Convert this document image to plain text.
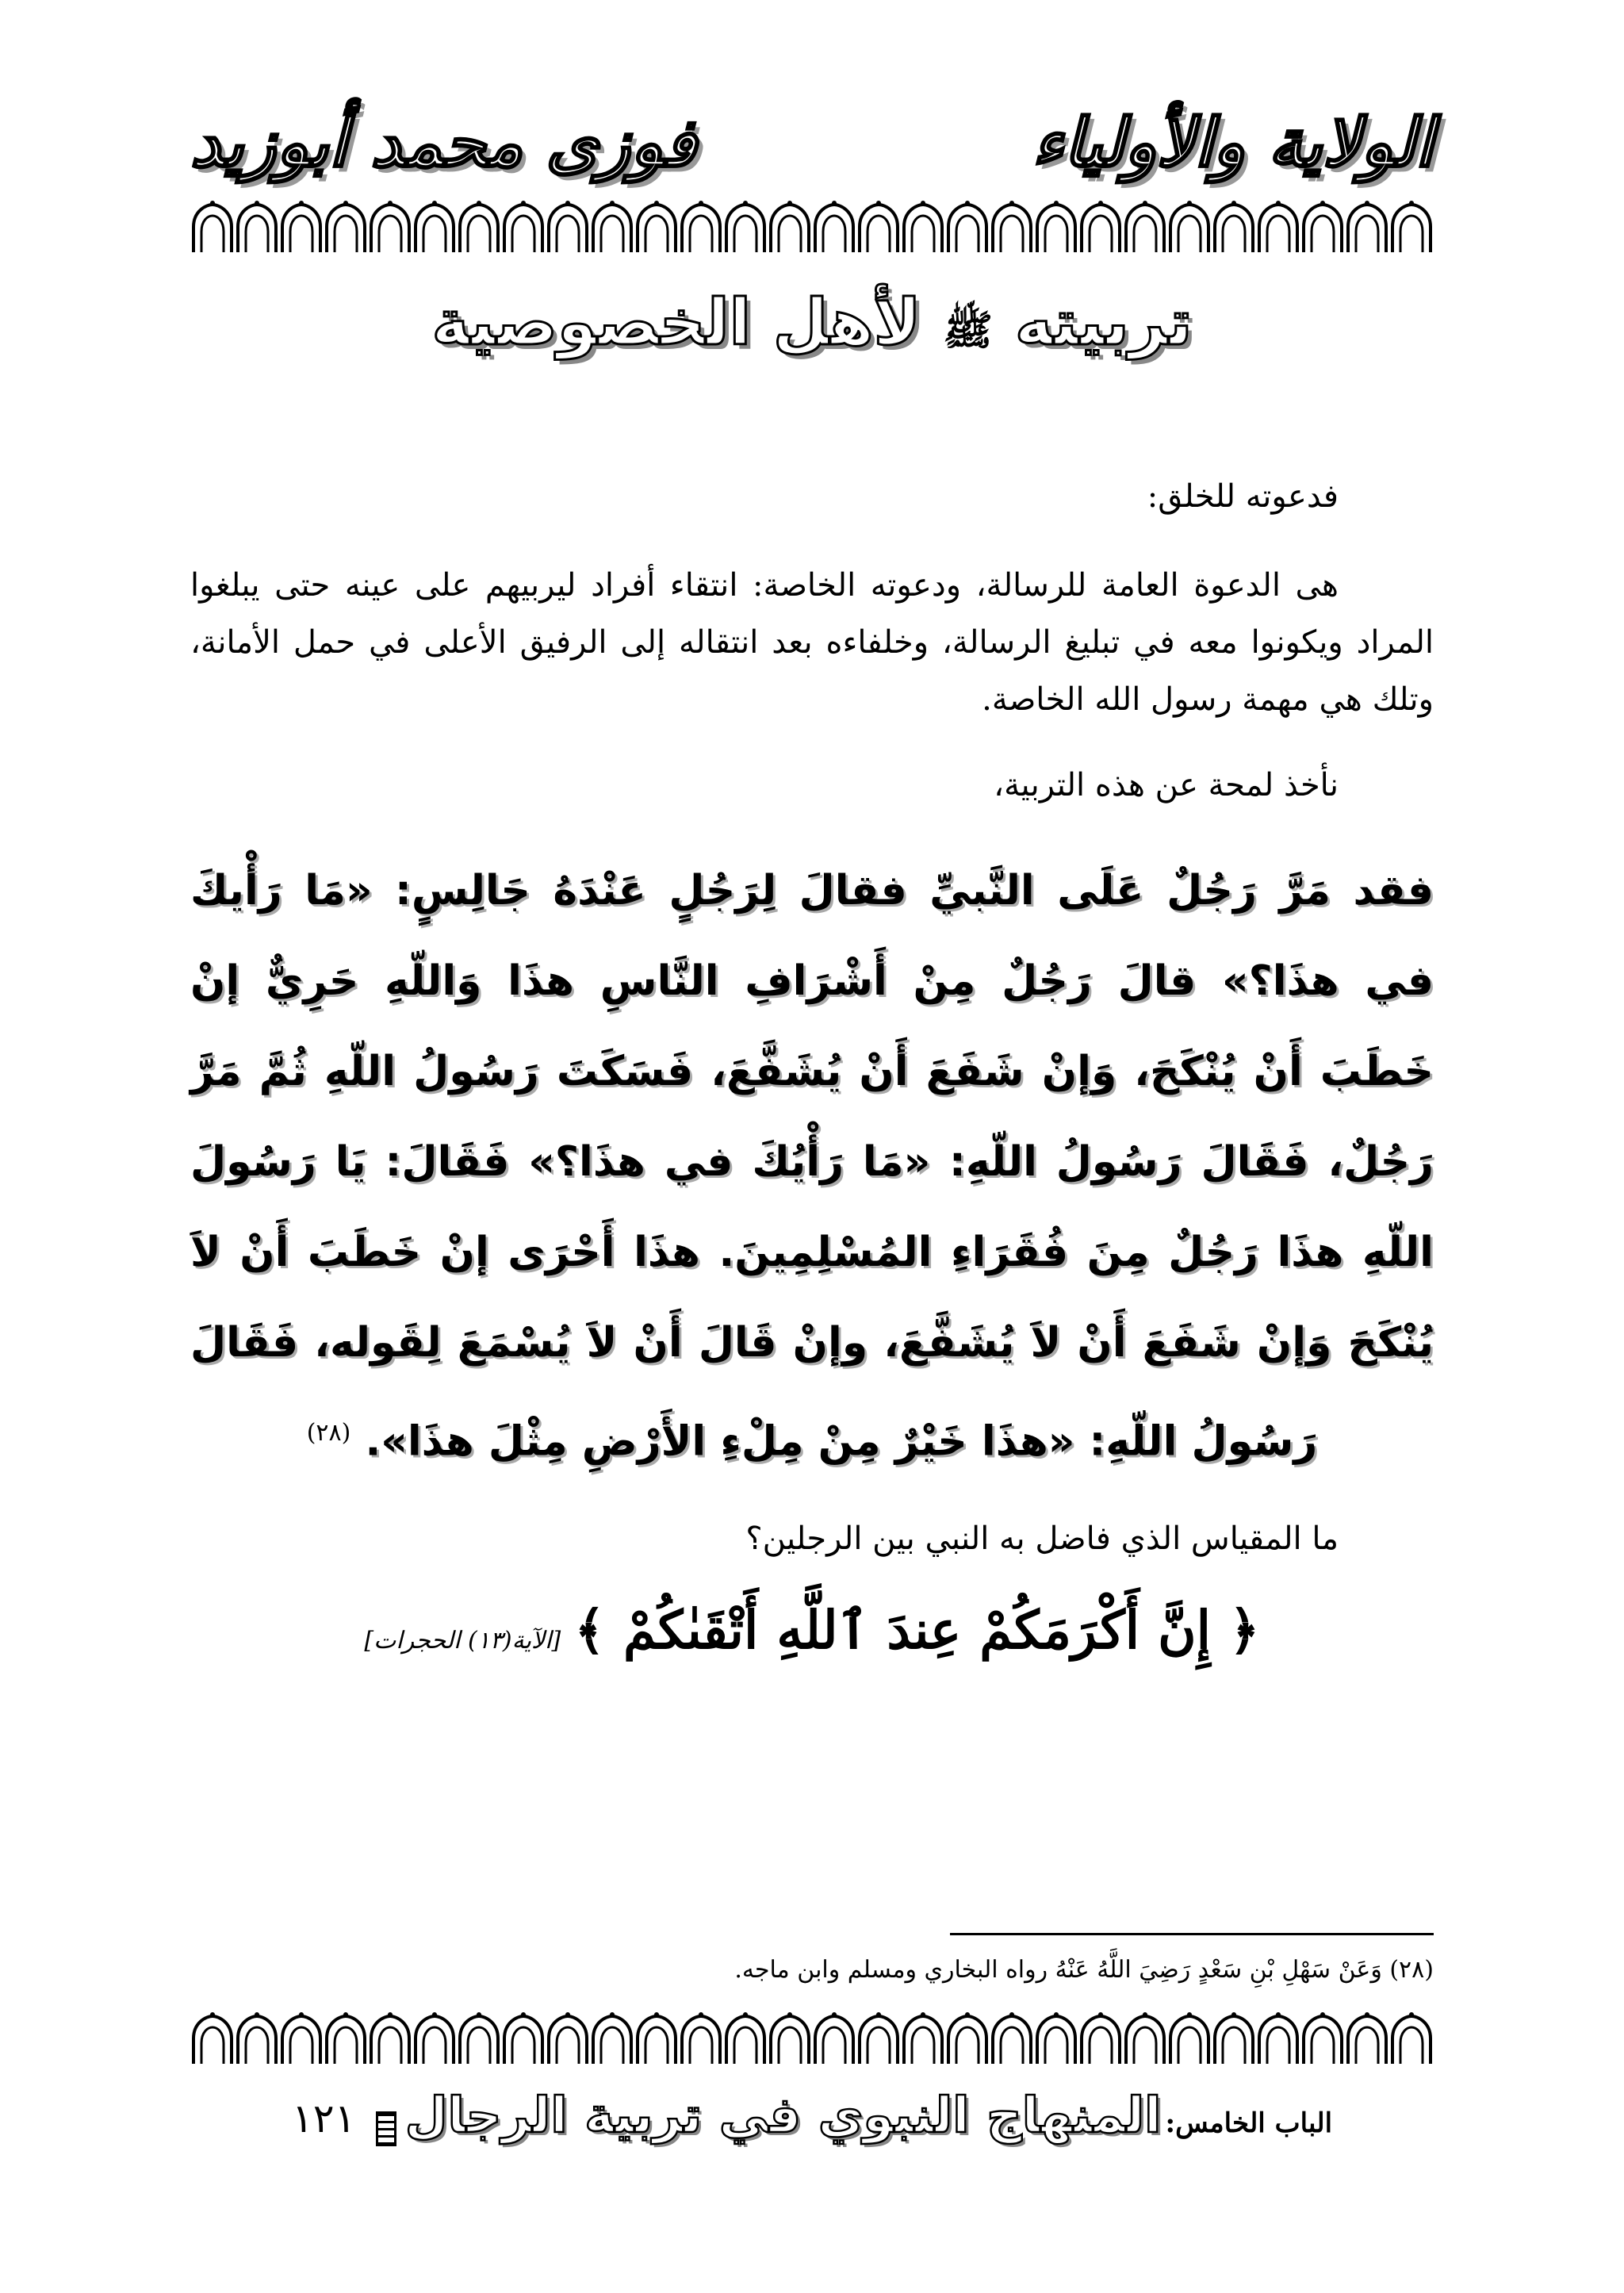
الولاية والأولياء
فوزى محمد أبوزيد
تربيته ﷺ لأهل الخصوصية

فدعوته للخلق:

هى الدعوة العامة للرسالة، ودعوته الخاصة: انتقاء أفراد ليربيهم على عينه حتى يبلغوا المراد ويكونوا معه في تبليغ الرسالة، وخلفاءه بعد انتقاله إلى الرفيق الأعلى في حمل الأمانة، وتلك هي مهمة رسول الله الخاصة.

نأخذ لمحة عن هذه التربية،

فقد مَرَّ رَجُلٌ عَلَى النَّبيِّ فقالَ لِرَجُلٍ عَنْدَهُ جَالِسٍ: «مَا رَأْيكَ في هذَا؟» قالَ رَجُلٌ مِنْ أَشْرَافِ النَّاسِ هذَا وَاللّهِ حَرِيٌّ إنْ خَطَبَ أَنْ يُنْكَحَ، وَإنْ شَفَعَ أَنْ يُشَفَّعَ، فَسَكَتَ رَسُولُ اللّهِ ثُمَّ مَرَّ رَجُلٌ، فَقَالَ رَسُولُ اللّهِ: «مَا رَأْيُكَ في هذَا؟» فَقَالَ: يَا رَسُولَ اللّهِ هذَا رَجُلٌ مِنَ فُقَرَاءِ المُسْلِمِينَ. هذَا أَحْرَى إنْ خَطَبَ أَنْ لاَ يُنْكَحَ وَإنْ شَفَعَ أَنْ لاَ يُشَفَّعَ، وإنْ قَالَ أَنْ لاَ يُسْمَعَ لِقَوله، فَقَالَ رَسُولُ اللّهِ: «هذَا خَيْرٌ مِنْ مِلْءِ الأَرْضِ مِثْلَ هذَا». $^{(٢٨)}$

ما المقياس الذي فاضل به النبي بين الرجلين؟

﴿ إِنَّ أَكْرَمَكُمْ عِندَ ٱللَّهِ أَتْقَىٰكُمْ ﴾ [الآية(١٣) الحجرات]
(٢٨) وَعَنْ سَهْلِ بْنِ سَعْدٍ رَضِيَ اللَّهُ عَنْهُ رواه البخاري ومسلم وابن ماجه.
الباب الخامس: المنهاج النبوي في تربية الرجال  ١٢١
